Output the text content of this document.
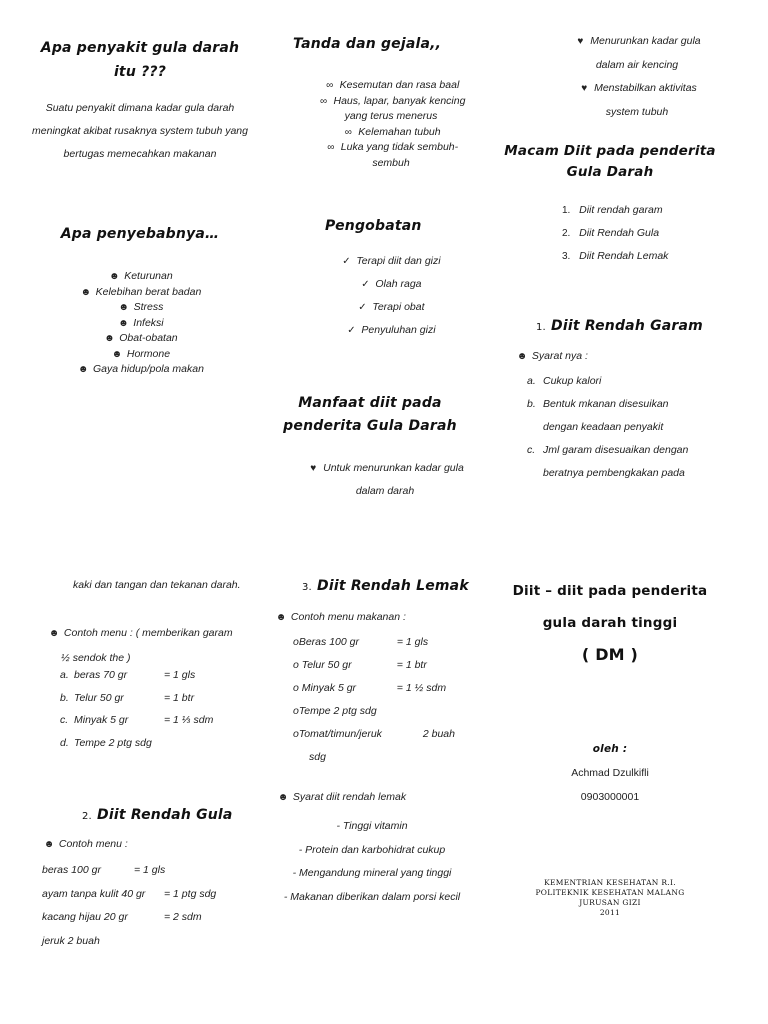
Apa penyakit gula darah itu ???
Suatu penyakit dimana kadar gula darah meningkat akibat rusaknya system tubuh yang bertugas memecahkan makanan
Apa penyebabnya…
☻ Keturunan
☻ Kelebihan berat badan
☻ Stress
☻ Infeksi
☻ Obat-obatan
☻ Hormone
☻ Gaya hidup/pola makan
Tanda dan gejala,,
∞ Kesemutan dan rasa baal
∞ Haus, lapar, banyak kencing yang terus menerus
∞ Kelemahan tubuh
∞ Luka yang tidak sembuh-sembuh
Pengobatan
✓ Terapi diit dan gizi
✓ Olah raga
✓ Terapi obat
✓ Penyuluhan gizi
Manfaat diit pada penderita Gula Darah
♥ Untuk menurunkan kadar gula dalam darah
♥ Menurunkan kadar gula dalam air kencing
♥ Menstabilkan aktivitas system tubuh
Macam Diit pada penderita Gula Darah
1. Diit rendah garam
2. Diit Rendah Gula
3. Diit Rendah Lemak
1. Diit Rendah Garam
☻ Syarat nya :
a. Cukup kalori
b. Bentuk mkanan disesuikan dengan keadaan penyakit
c. Jml garam disesuaikan dengan beratnya pembengkakan pada
kaki dan tangan dan tekanan darah.
☻ Contoh menu : ( memberikan garam
½ sendok the )
a. beras 70 gr	= 1 gls
b. Telur 50 gr	= 1 btr
c. Minyak 5 gr	= 1 ⅓ sdm
d. Tempe 2 ptg sdg
2. Diit Rendah Gula
☻ Contoh menu :
beras 100 gr	= 1 gls
ayam tanpa kulit 40 gr = 1 ptg sdg
kacang hijau 20 gr	= 2 sdm
jeruk 2 buah
3. Diit Rendah Lemak
☻ Contoh menu makanan :
oBeras 100 gr	= 1 gls
o Telur 50 gr	= 1 btr
o Minyak 5 gr	= 1 ½ sdm
oTempe 2 ptg sdg
oTomat/timun/jeruk	2 buah
sdg
☻ Syarat diit rendah lemak
- Tinggi vitamin
- Protein dan karbohidrat cukup
- Mengandung mineral yang tinggi
- Makanan diberikan dalam porsi kecil
Diit – diit pada penderita
gula darah tinggi
( DM )
oleh :
Achmad Dzulkifli
0903000001
KEMENTRIAN KESEHATAN R.I.
POLITEKNIK KESEHATAN MALANG
JURUSAN GIZI
2011
